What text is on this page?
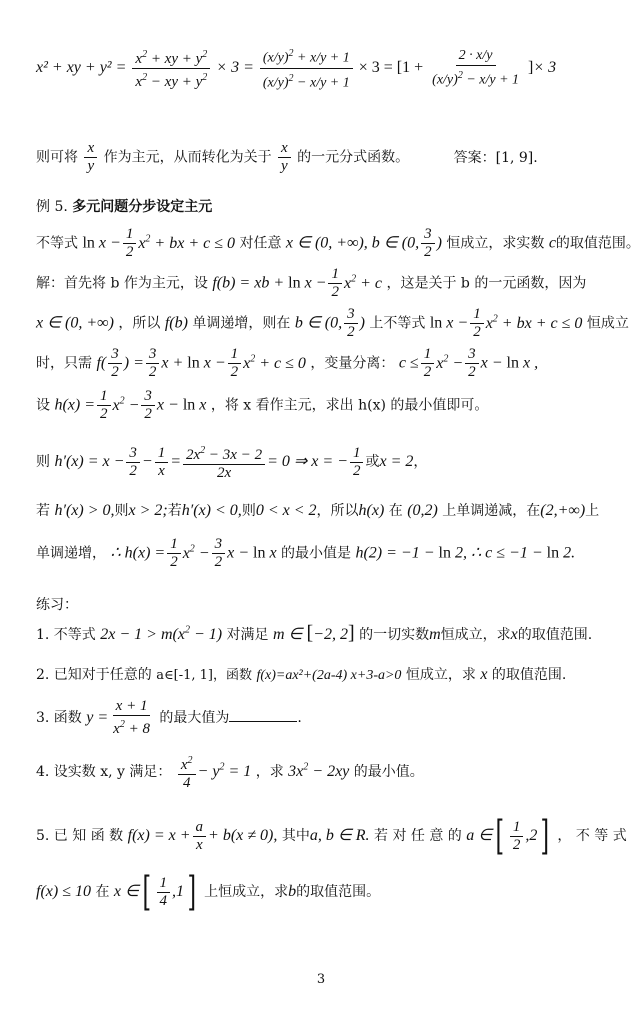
x² + xy + $y^2 = \frac{x^2 + xy + y^2}{x^2 - xy + y^2} \times 3 = \frac{(x/y)^2 + x/y + 1}{(x/y)^2 - x/y + 1} \times 3 = [1 + \frac{2 \cdot x/y}{(x/y)^2 - x/y + 1}$ ]× 3
则可将 $\frac{x}{y}$ 作为主元，从而转化为关于 $\frac{x}{y}$ 的一元分式函数。	答案：[1, 9].
例 5. 多元问题分步设定主元
不等式 $\ln x - \frac{1}{2} x^2$ + bx + c ≤ 0 对任意 x ∈ (0, +∞), b ∈ (0, $\frac{3}{2}$ ) 恒成立，求实数 c的取值范围。
解：首先将 b 作为主元，设 f(b) = xb + $\ln x - \frac{1}{2} x^2 + c$ ，这是关于 b 的一元函数，因为
x ∈ (0, +∞) ，所以 f(b) 单调递增，则在 b ∈ (0, $\frac{3}{2}$ ) 上不等式 $\ln x - \frac{1}{2} x^2$ + bx + c ≤ 0 恒成立
时，只需 $f( \frac{3}{2}$ ) = $\frac{3}{2}$ $x + \ln x - \frac{1}{2} x^2 + c \le 0$ ，变量分离： $c \le \frac{1}{2} x^2 - \frac{3}{2}$ x − ln x ,
设 $h(x) = \frac{1}{2} x^2 - \frac{3}{2}$ x − ln x ，将 x 看作主元，求出 h(x) 的最小值即可。
则 $h'(x) = x - \frac{3}{2} - \frac{1}{x} = \frac{2x^2 - 3x - 2}{2x} = 0$ ⇒ x = − $\frac{1}{2}$ 或x = 2，
若 h′(x) > 0,则x > 2;若h′(x) < 0,则0 < x < 2，所以h(x) 在 (0,2) 上单调递减，在(2,+∞)上
单调递增， ∴ $h(x) = \frac{1}{2} x^2 - \frac{3}{2}$ x − ln x 的最小值是 h(2) = −1 − ln 2, ∴ c ≤ −1 − ln 2.
练习：
1. 不等式 $2x - 1 > m(x^2 - 1)$ 对满足 m ∈ [−2, 2] 的一切实数m恒成立，求x的取值范围.
2. 已知对于任意的 a∈[-1, 1]，函数 f(x)=ax²+(2a-4) x+3-a>0 恒成立，求 x 的取值范围.
3. 函数 $y = \frac{x + 1}{x^2 + 8}$ 的最大值为	.
4. 设实数 x, y 满足： $\frac{x^2}{4} - y^2 = 1$ ，求 $3x^2 - 2xy$ 的最小值。
5. 已 知 函 数 $f(x) = x + \frac{a}{x} + b(x \ne 0)$, 其中a, b ∈ R. 若 对 任 意 的 a ∈[ $\frac{1}{2} ,2$] ， 不 等 式
f(x) ≤ 10 在 x ∈[ $\frac{1}{4} ,1$] 上恒成立，求b的取值范围。
3
